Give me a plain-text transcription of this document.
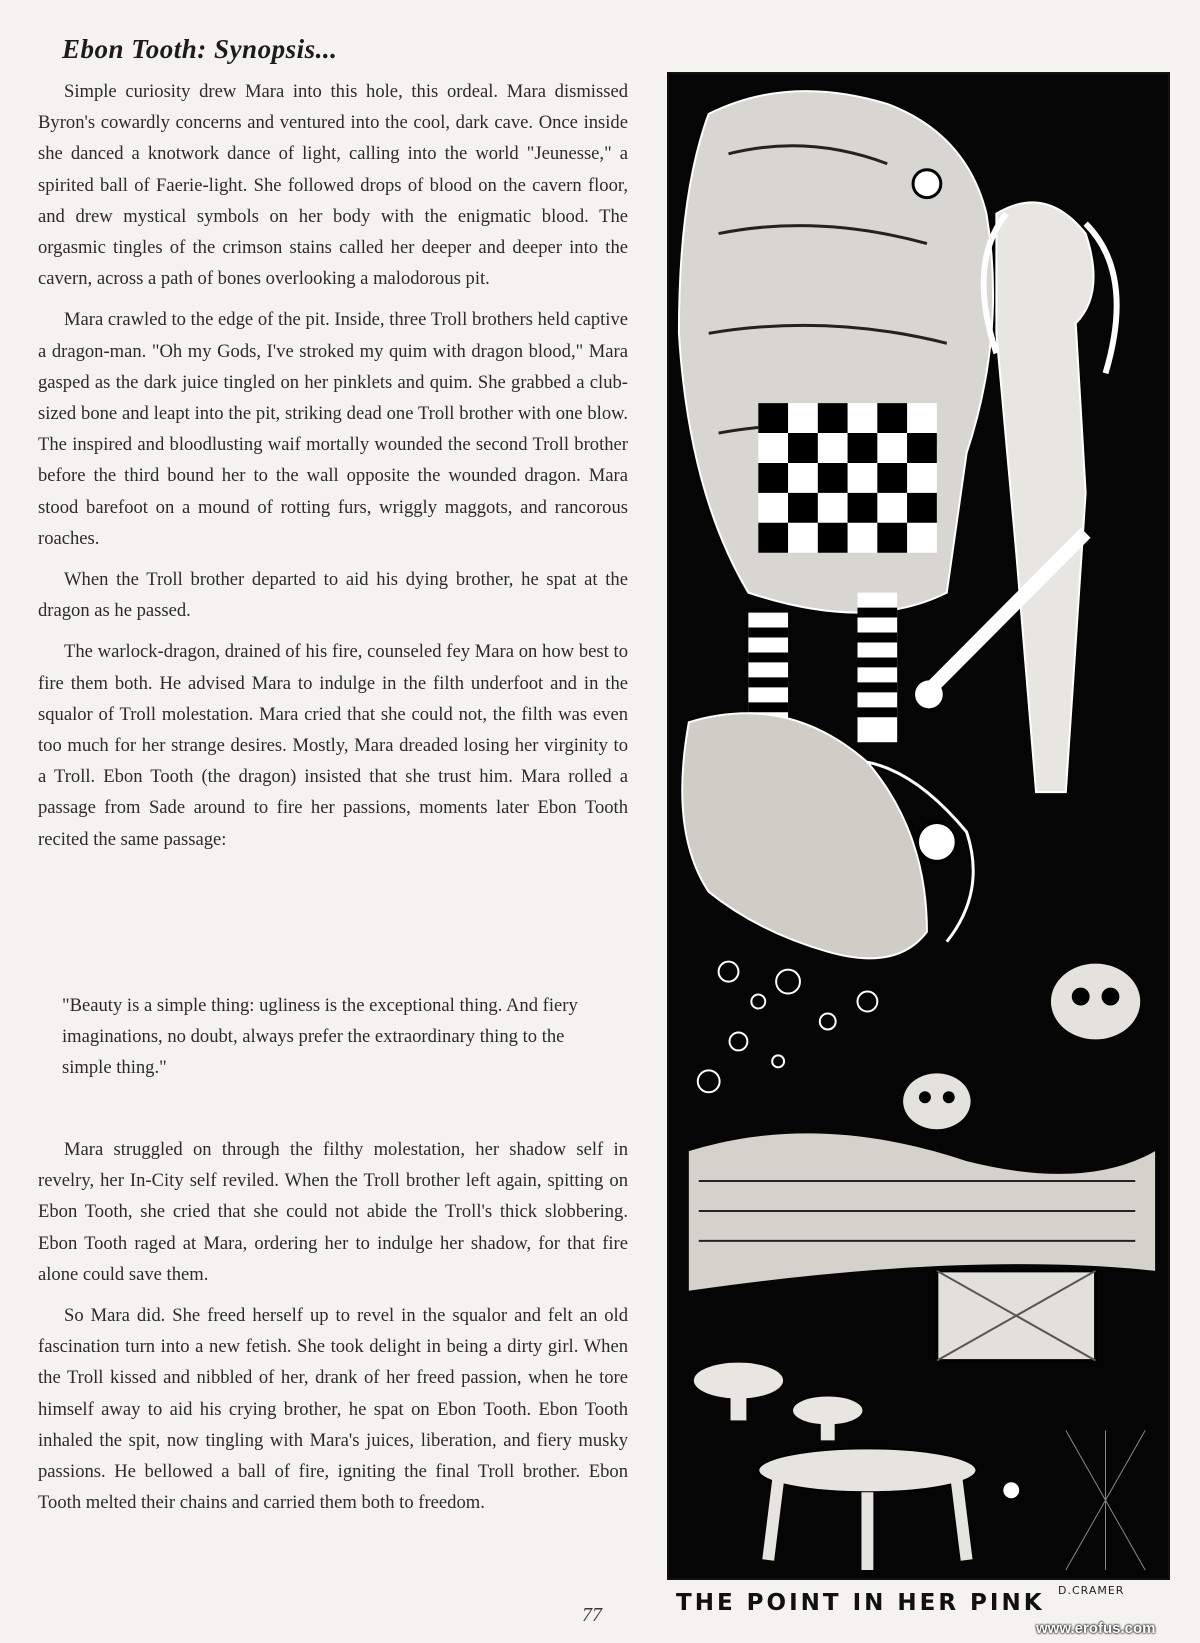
Ebon Tooth: Synopsis...

Simple curiosity drew Mara into this hole, this ordeal. Mara dismissed Byron's cowardly concerns and ventured into the cool, dark cave. Once inside she danced a knotwork dance of light, calling into the world "Jeunesse," a spirited ball of Faerie-light. She followed drops of blood on the cavern floor, and drew mystical symbols on her body with the enigmatic blood. The orgasmic tingles of the crimson stains called her deeper and deeper into the cavern, across a path of bones overlooking a malodorous pit.

Mara crawled to the edge of the pit. Inside, three Troll brothers held captive a dragon-man. "Oh my Gods, I've stroked my quim with dragon blood," Mara gasped as the dark juice tingled on her pinklets and quim. She grabbed a club-sized bone and leapt into the pit, striking dead one Troll brother with one blow. The inspired and bloodlusting waif mortally wounded the second Troll brother before the third bound her to the wall opposite the wounded dragon. Mara stood barefoot on a mound of rotting furs, wriggly maggots, and rancorous roaches.

When the Troll brother departed to aid his dying brother, he spat at the dragon as he passed.

The warlock-dragon, drained of his fire, counseled fey Mara on how best to fire them both. He advised Mara to indulge in the filth underfoot and in the squalor of Troll molestation. Mara cried that she could not, the filth was even too much for her strange desires. Mostly, Mara dreaded losing her virginity to a Troll. Ebon Tooth (the dragon) insisted that she trust him. Mara rolled a passage from Sade around to fire her passions, moments later Ebon Tooth recited the same passage:

"Beauty is a simple thing: ugliness is the exceptional thing. And fiery imaginations, no doubt, always prefer the extraordinary thing to the simple thing."

Mara struggled on through the filthy molestation, her shadow self in revelry, her In-City self reviled. When the Troll brother left again, spitting on Ebon Tooth, she cried that she could not abide the Troll's thick slobbering. Ebon Tooth raged at Mara, ordering her to indulge her shadow, for that fire alone could save them.

So Mara did. She freed herself up to revel in the squalor and felt an old fascination turn into a new fetish. She took delight in being a dirty girl. When the Troll kissed and nibbled of her, drank of her freed passion, when he tore himself away to aid his crying brother, he spat on Ebon Tooth. Ebon Tooth inhaled the spit, now tingling with Mara's juices, liberation, and fiery musky passions. He bellowed a ball of fire, igniting the final Troll brother. Ebon Tooth melted their chains and carried them both to freedom.

77	THE POINT IN HER PINK D.CRAMER
www.erofus.com
